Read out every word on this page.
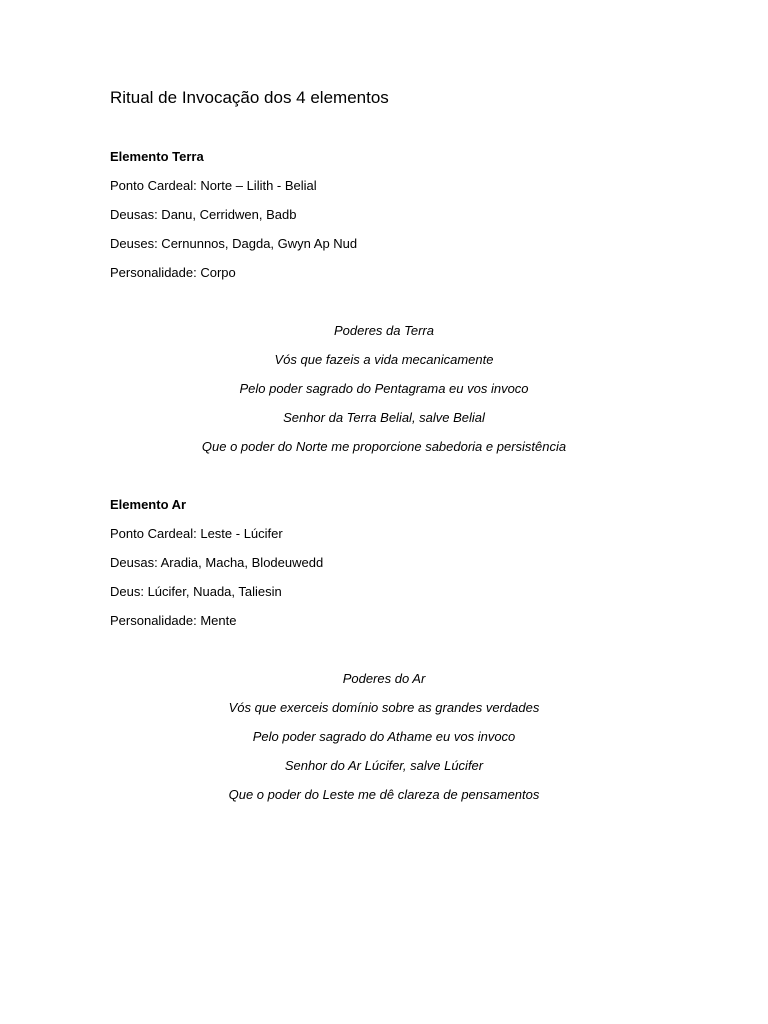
Ritual de Invocação dos 4 elementos
Elemento Terra
Ponto Cardeal: Norte – Lilith - Belial
Deusas: Danu, Cerridwen, Badb
Deuses: Cernunnos, Dagda, Gwyn Ap Nud
Personalidade: Corpo
Poderes da Terra
Vós que fazeis a vida mecanicamente
Pelo poder sagrado do Pentagrama eu vos invoco
Senhor da Terra Belial, salve Belial
Que o poder do Norte me proporcione sabedoria e persistência
Elemento Ar
Ponto Cardeal: Leste - Lúcifer
Deusas: Aradia, Macha, Blodeuwedd
Deus: Lúcifer, Nuada, Taliesin
Personalidade: Mente
Poderes do Ar
Vós que exerceis domínio sobre as grandes verdades
Pelo poder sagrado do Athame eu vos invoco
Senhor do Ar Lúcifer, salve Lúcifer
Que o poder do Leste me dê clareza de pensamentos
